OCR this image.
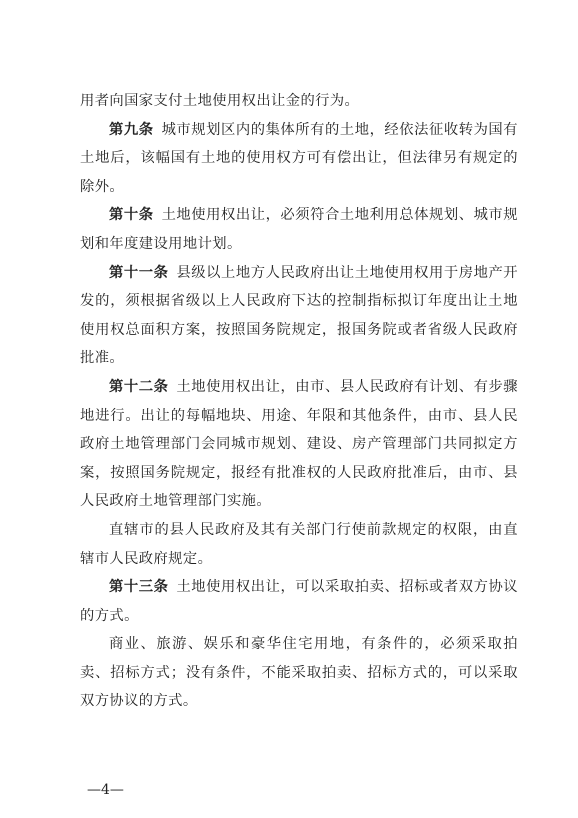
用者向国家支付土地使用权出让金的行为。

第九条 城市规划区内的集体所有的土地，经依法征收转为国有土地后，该幅国有土地的使用权方可有偿出让，但法律另有规定的除外。

第十条 土地使用权出让，必须符合土地利用总体规划、城市规划和年度建设用地计划。

第十一条 县级以上地方人民政府出让土地使用权用于房地产开发的，须根据省级以上人民政府下达的控制指标拟订年度出让土地使用权总面积方案，按照国务院规定，报国务院或者省级人民政府批准。

第十二条 土地使用权出让，由市、县人民政府有计划、有步骤地进行。出让的每幅地块、用途、年限和其他条件，由市、县人民政府土地管理部门会同城市规划、建设、房产管理部门共同拟定方案，按照国务院规定，报经有批准权的人民政府批准后，由市、县人民政府土地管理部门实施。

直辖市的县人民政府及其有关部门行使前款规定的权限，由直辖市人民政府规定。

第十三条 土地使用权出让，可以采取拍卖、招标或者双方协议的方式。

商业、旅游、娱乐和豪华住宅用地，有条件的，必须采取拍卖、招标方式；没有条件，不能采取拍卖、招标方式的，可以采取双方协议的方式。

—4—
